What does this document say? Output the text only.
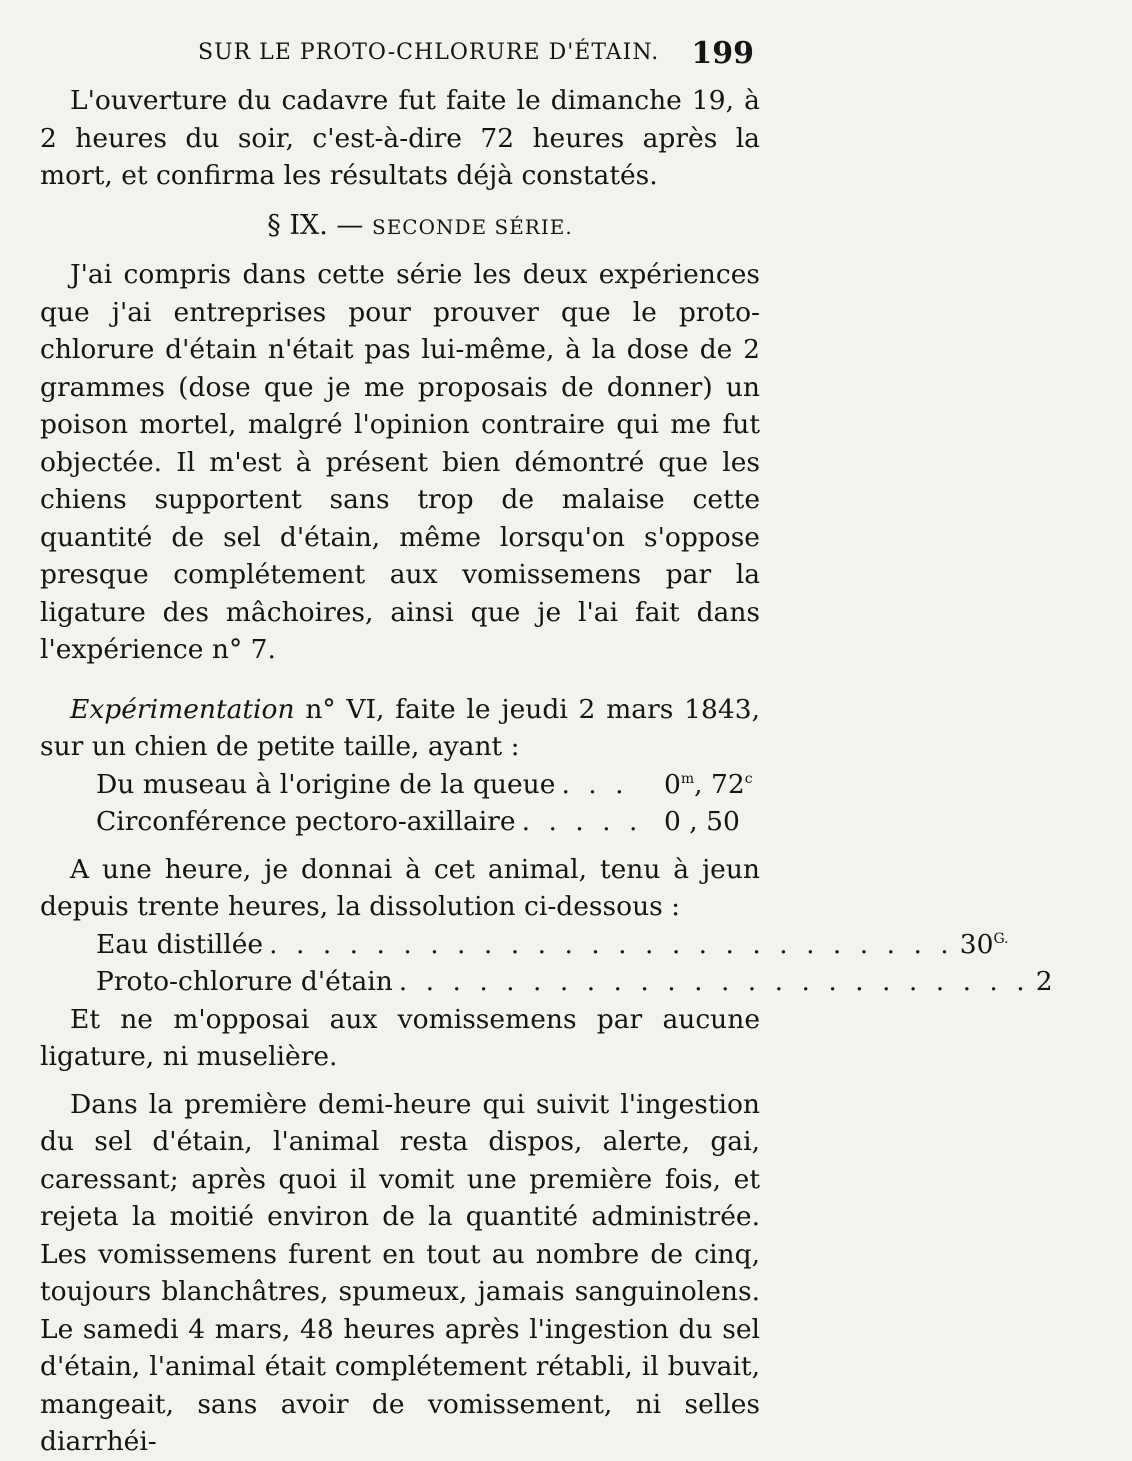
SUR LE PROTO-CHLORURE D'ÉTAIN. 199

L'ouverture du cadavre fut faite le dimanche 19, à 2 heures du soir, c'est-à-dire 72 heures après la mort, et confirma les résultats déjà constatés.

§ IX. — SECONDE SÉRIE.

J'ai compris dans cette série les deux expériences que j'ai entreprises pour prouver que le proto-chlorure d'étain n'était pas lui-même, à la dose de 2 grammes (dose que je me proposais de donner) un poison mortel, malgré l'opinion contraire qui me fut objectée. Il m'est à présent bien démontré que les chiens supportent sans trop de malaise cette quantité de sel d'étain, même lorsqu'on s'oppose presque complétement aux vomissemens par la ligature des mâchoires, ainsi que je l'ai fait dans l'expérience n° 7.

Expérimentation n° VI, faite le jeudi 2 mars 1843, sur un chien de petite taille, ayant :

Du museau à l'origine de la queue . . .	0$^m$, 72$^c$
Circonférence pectoro-axillaire . . . . . 0 , 50

A une heure, je donnai à cet animal, tenu à jeun depuis trente heures, la dissolution ci-dessous :

Eau distillée . . . . . . . . . . . . . . . . . . . . . . . . . . $30^{G.}$
Proto-chlorure d'étain . . . . . . . . . . . . . . . . . . . . . . . . 2

Et ne m'opposai aux vomissemens par aucune ligature, ni muselière.

Dans la première demi-heure qui suivit l'ingestion du sel d'étain, l'animal resta dispos, alerte, gai, caressant; après quoi il vomit une première fois, et rejeta la moitié environ de la quantité administrée. Les vomissemens furent en tout au nombre de cinq, toujours blanchâtres, spumeux, jamais sanguinolens. Le samedi 4 mars, 48 heures après l'ingestion du sel d'étain, l'animal était complétement rétabli, il buvait, mangeait, sans avoir de vomissement, ni selles diarrhéi-
